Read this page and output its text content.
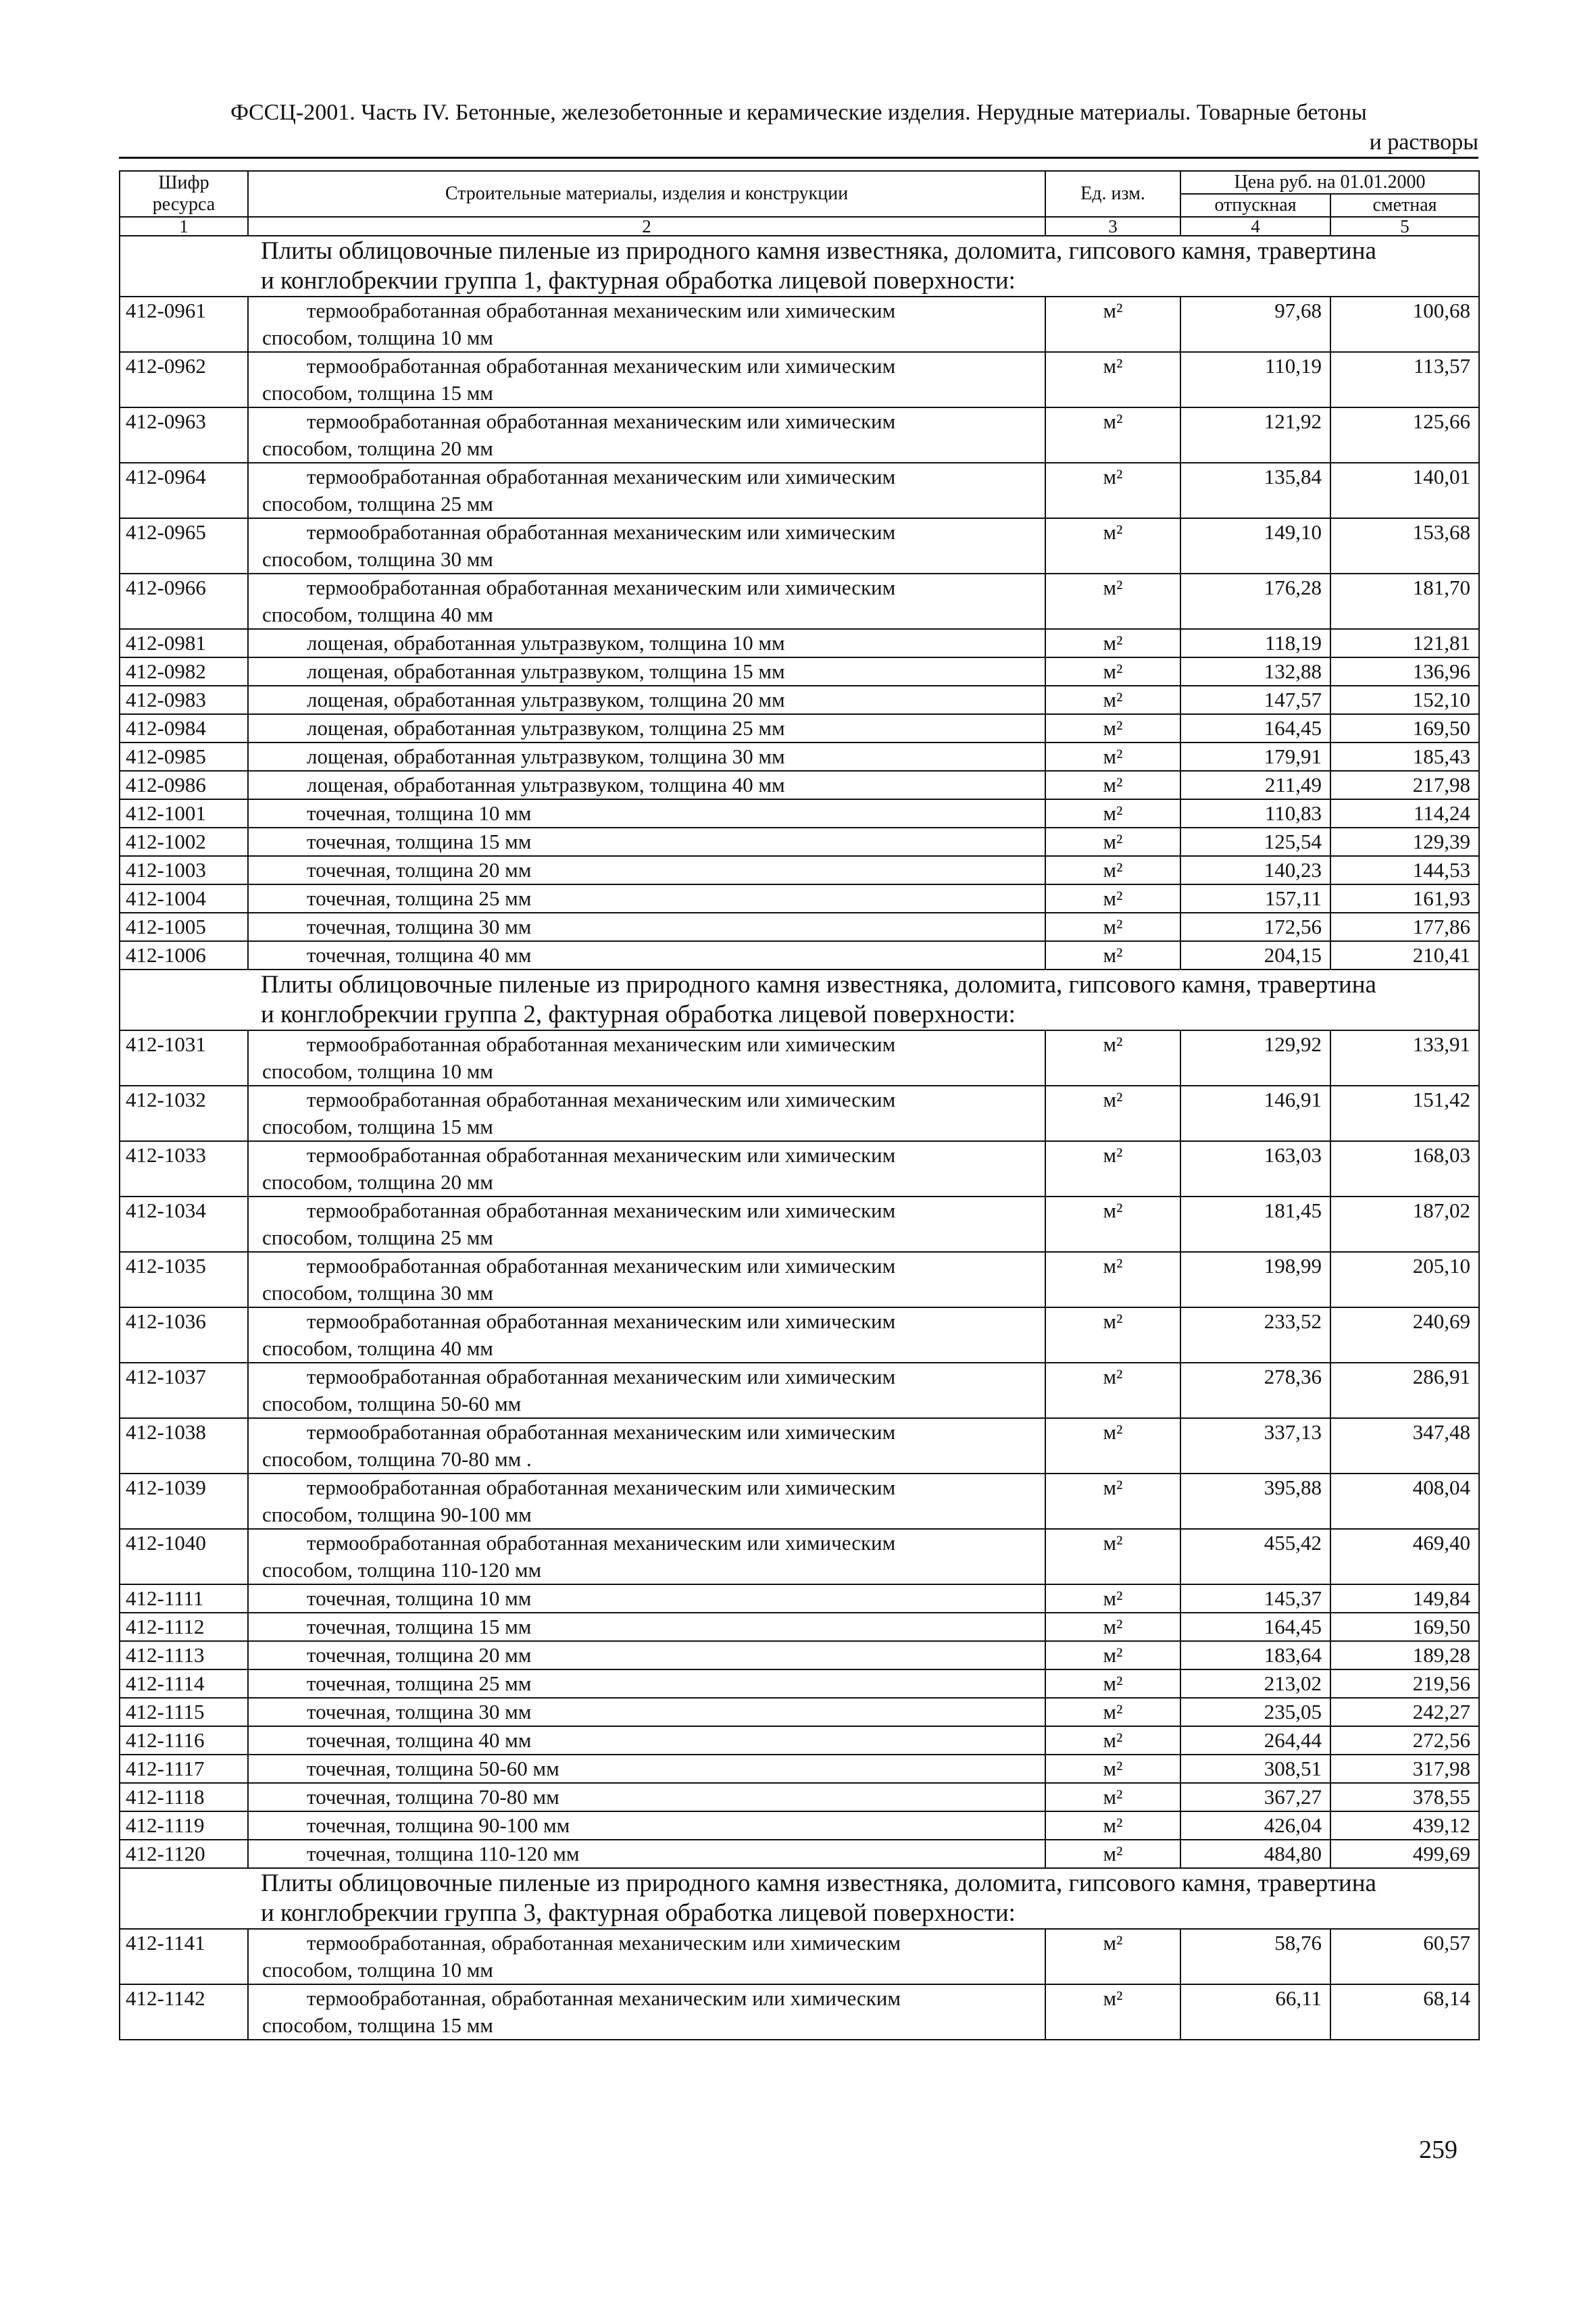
ФССЦ-2001. Часть IV. Бетонные, железобетонные и керамические изделия. Нерудные материалы. Товарные бетоны
и растворы
Шифр ресурса	Строительные материалы, изделия и конструкции	Ед. изм.	Цена руб. на 01.01.2000	
			отпускная	сметная
1	2	3	4	5
Плиты облицовочные пиленые из природного камня известняка, доломита, гипсового камня, травертина
и конглобрекчии группа 1, фактурная обработка лицевой поверхности:				

412-0961	термообработанная обработанная механическим или химическим
способом, толщина 10 мм	м²	97,68	100,68
412-0962	термообработанная обработанная механическим или химическим
способом, толщина 15 мм	м²	110,19	113,57
412-0963	термообработанная обработанная механическим или химическим
способом, толщина 20 мм	м²	121,92	125,66
412-0964	термообработанная обработанная механическим или химическим
способом, толщина 25 мм	м²	135,84	140,01
412-0965	термообработанная обработанная механическим или химическим
способом, толщина 30 мм	м²	149,10	153,68
412-0966	термообработанная обработанная механическим или химическим
способом, толщина 40 мм	м²	176,28	181,70
412-0981	лощеная, обработанная ультразвуком, толщина 10 мм	м²	118,19	121,81
412-0982	лощеная, обработанная ультразвуком, толщина 15 мм	м²	132,88	136,96
412-0983	лощеная, обработанная ультразвуком, толщина 20 мм	м²	147,57	152,10
412-0984	лощеная, обработанная ультразвуком, толщина 25 мм	м²	164,45	169,50
412-0985	лощеная, обработанная ультразвуком, толщина 30 мм	м²	179,91	185,43
412-0986	лощеная, обработанная ультразвуком, толщина 40 мм	м²	211,49	217,98
412-1001	точечная, толщина 10 мм	м²	110,83	114,24
412-1002	точечная, толщина 15 мм	м²	125,54	129,39
412-1003	точечная, толщина 20 мм	м²	140,23	144,53
412-1004	точечная, толщина 25 мм	м²	157,11	161,93
412-1005	точечная, толщина 30 мм	м²	172,56	177,86
412-1006	точечная, толщина 40 мм	м²	204,15	210,41
Плиты облицовочные пиленые из природного камня известняка, доломита, гипсового камня, травертина
и конглобрекчии группа 2, фактурная обработка лицевой поверхности:				

412-1031	термообработанная обработанная механическим или химическим
способом, толщина 10 мм	м²	129,92	133,91
412-1032	термообработанная обработанная механическим или химическим
способом, толщина 15 мм	м²	146,91	151,42
412-1033	термообработанная обработанная механическим или химическим
способом, толщина 20 мм	м²	163,03	168,03
412-1034	термообработанная обработанная механическим или химическим
способом, толщина 25 мм	м²	181,45	187,02
412-1035	термообработанная обработанная механическим или химическим
способом, толщина 30 мм	м²	198,99	205,10
412-1036	термообработанная обработанная механическим или химическим
способом, толщина 40 мм	м²	233,52	240,69
412-1037	термообработанная обработанная механическим или химическим
способом, толщина 50-60 мм	м²	278,36	286,91
412-1038	термообработанная обработанная механическим или химическим
способом, толщина 70-80 мм .	м²	337,13	347,48
412-1039	термообработанная обработанная механическим или химическим
способом, толщина 90-100 мм	м²	395,88	408,04
412-1040	термообработанная обработанная механическим или химическим
способом, толщина 110-120 мм	м²	455,42	469,40
412-1111	точечная, толщина 10 мм	м²	145,37	149,84
412-1112	точечная, толщина 15 мм	м²	164,45	169,50
412-1113	точечная, толщина 20 мм	м²	183,64	189,28
412-1114	точечная, толщина 25 мм	м²	213,02	219,56
412-1115	точечная, толщина 30 мм	м²	235,05	242,27
412-1116	точечная, толщина 40 мм	м²	264,44	272,56
412-1117	точечная, толщина 50-60 мм	м²	308,51	317,98
412-1118	точечная, толщина 70-80 мм	м²	367,27	378,55
412-1119	точечная, толщина 90-100 мм	м²	426,04	439,12
412-1120	точечная, толщина 110-120 мм	м²	484,80	499,69
Плиты облицовочные пиленые из природного камня известняка, доломита, гипсового камня, травертина
и конглобрекчии группа 3, фактурная обработка лицевой поверхности:				

412-1141	термообработанная, обработанная механическим или химическим
способом, толщина 10 мм	м²	58,76	60,57
412-1142	термообработанная, обработанная механическим или химическим
способом, толщина 15 мм	м²	66,11	68,14
259
